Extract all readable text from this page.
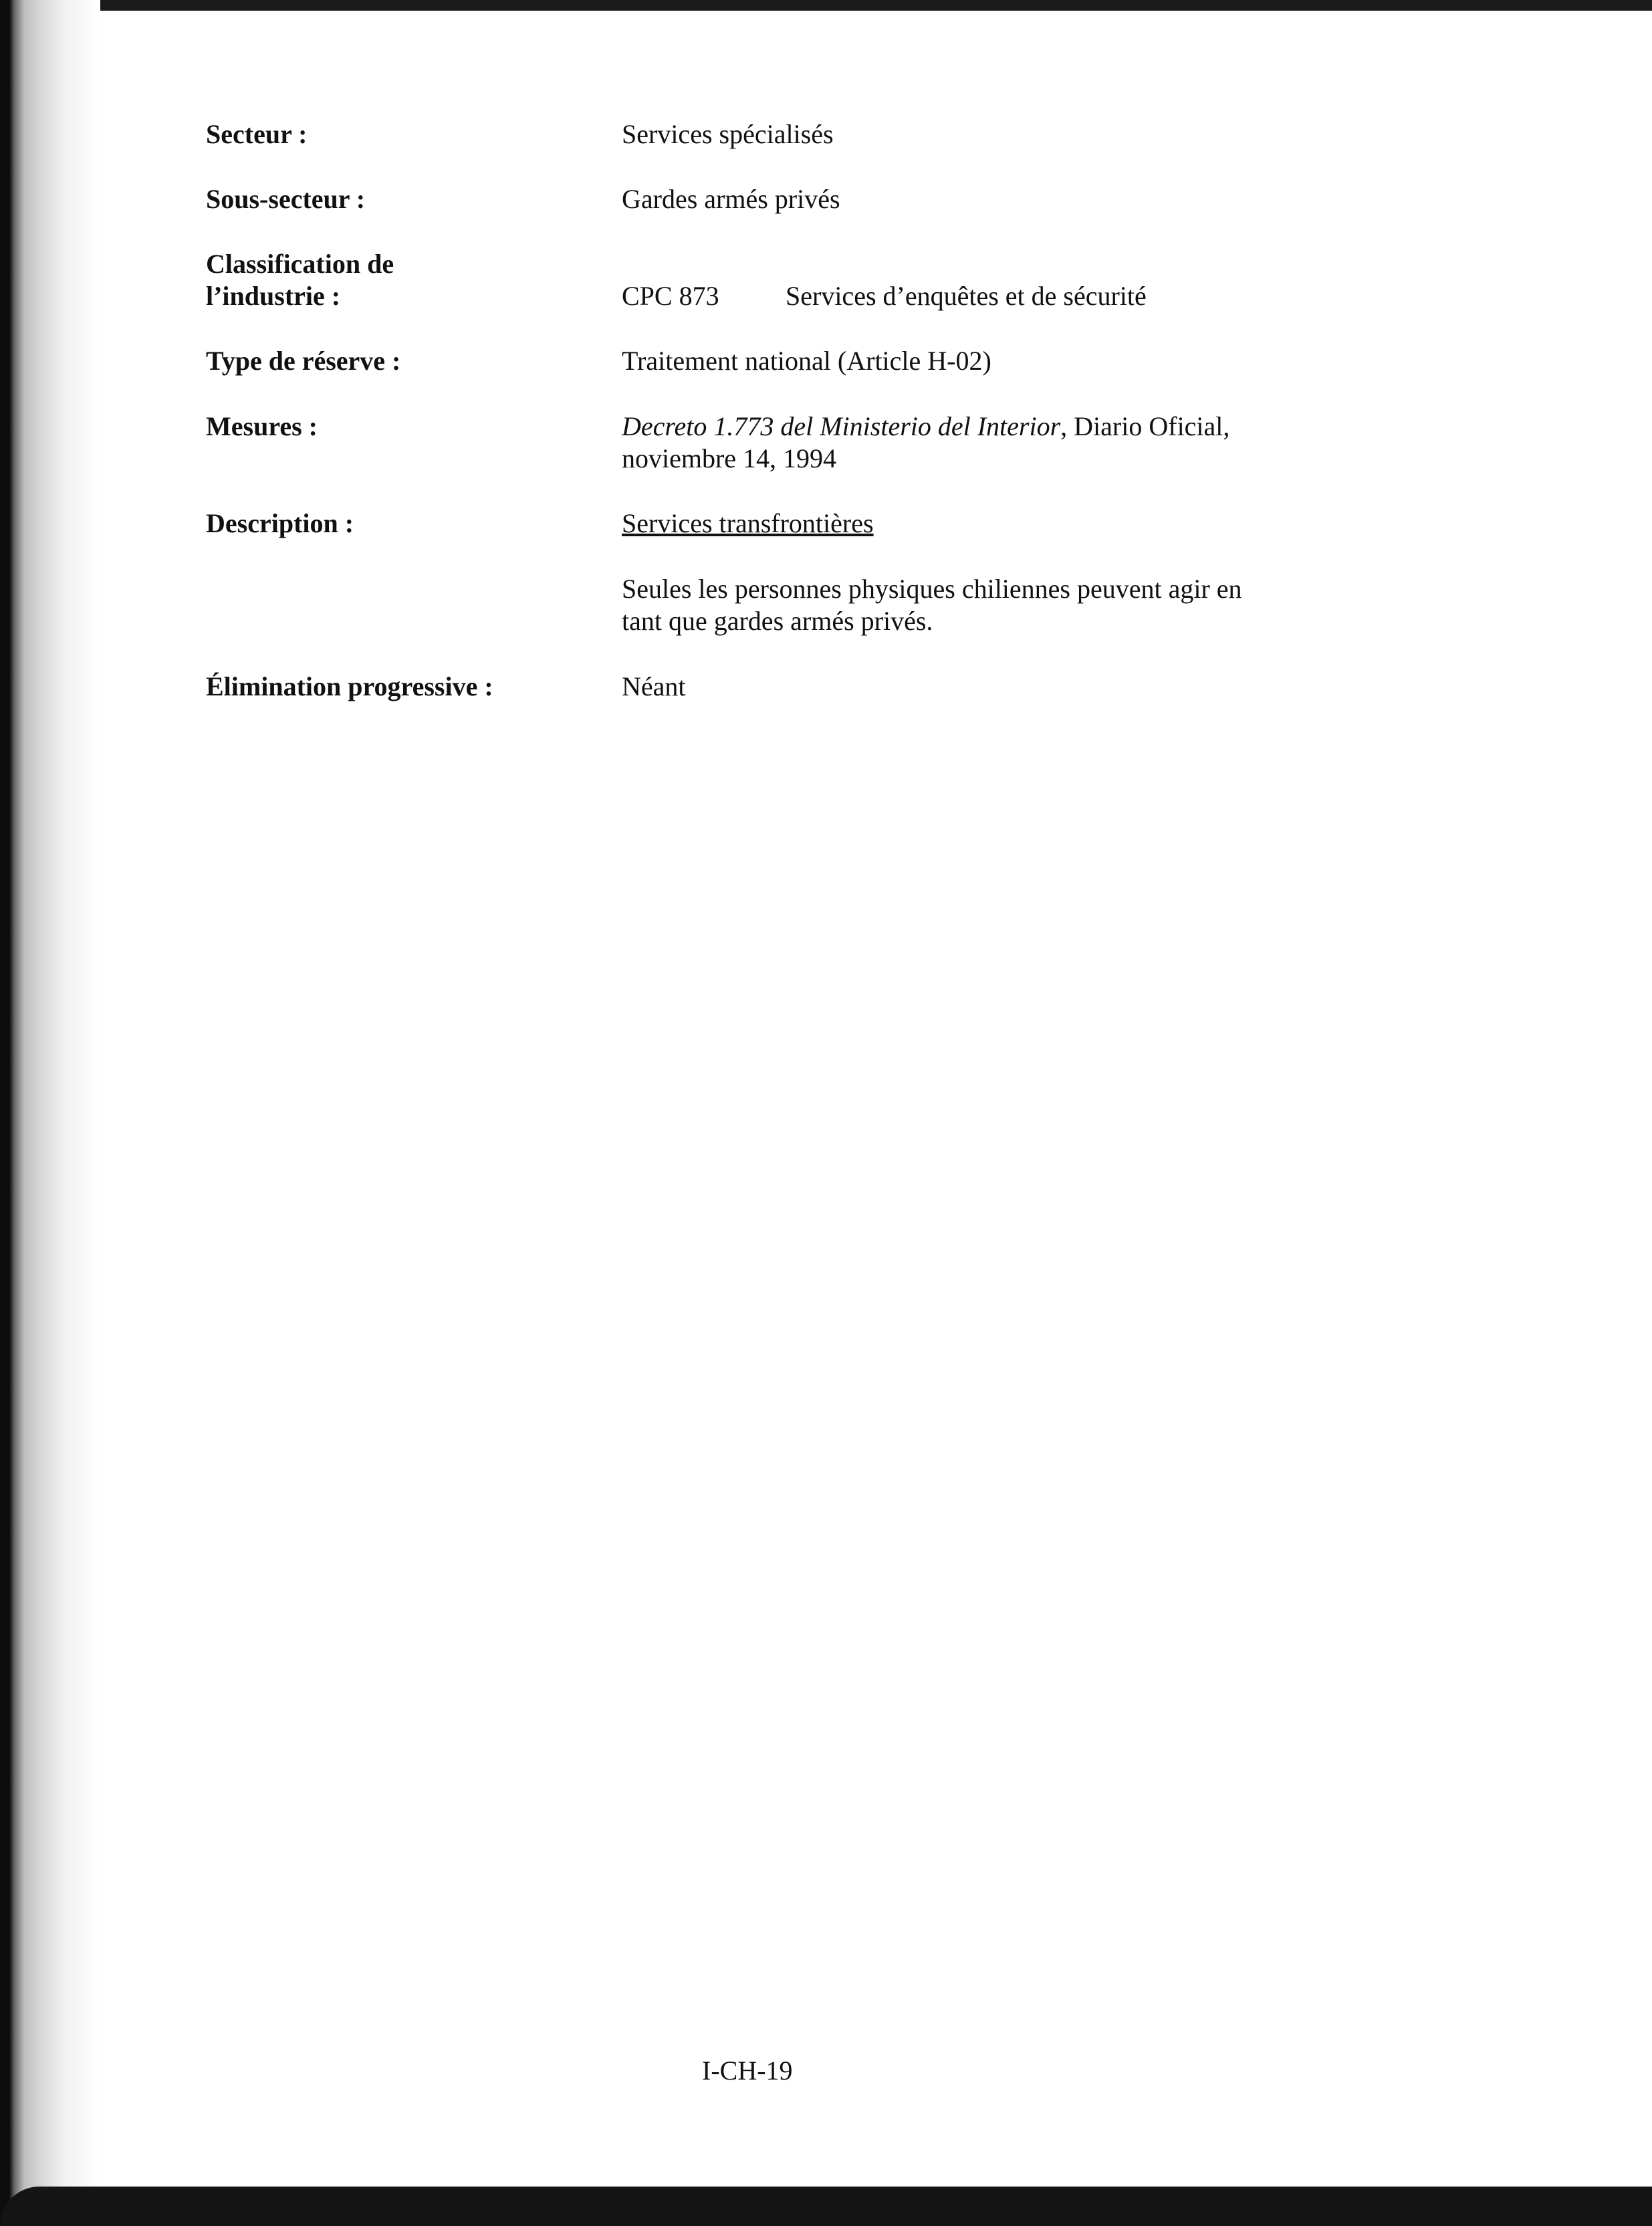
Secteur :	Services spécialisés

Sous-secteur :	Gardes armés privés

Classification de

l’industrie :	CPC 873 Services d’enquêtes et de sécurité

Type de réserve :	Traitement national (Article H-02)

Mesures :	Decreto 1.773 del Ministerio del Interior, Diario Oficial,

noviembre 14, 1994

Description :	Services transfrontières

Seules les personnes physiques chiliennes peuvent agir en

tant que gardes armés privés.

Élimination progressive :	Néant

I-CH-19
